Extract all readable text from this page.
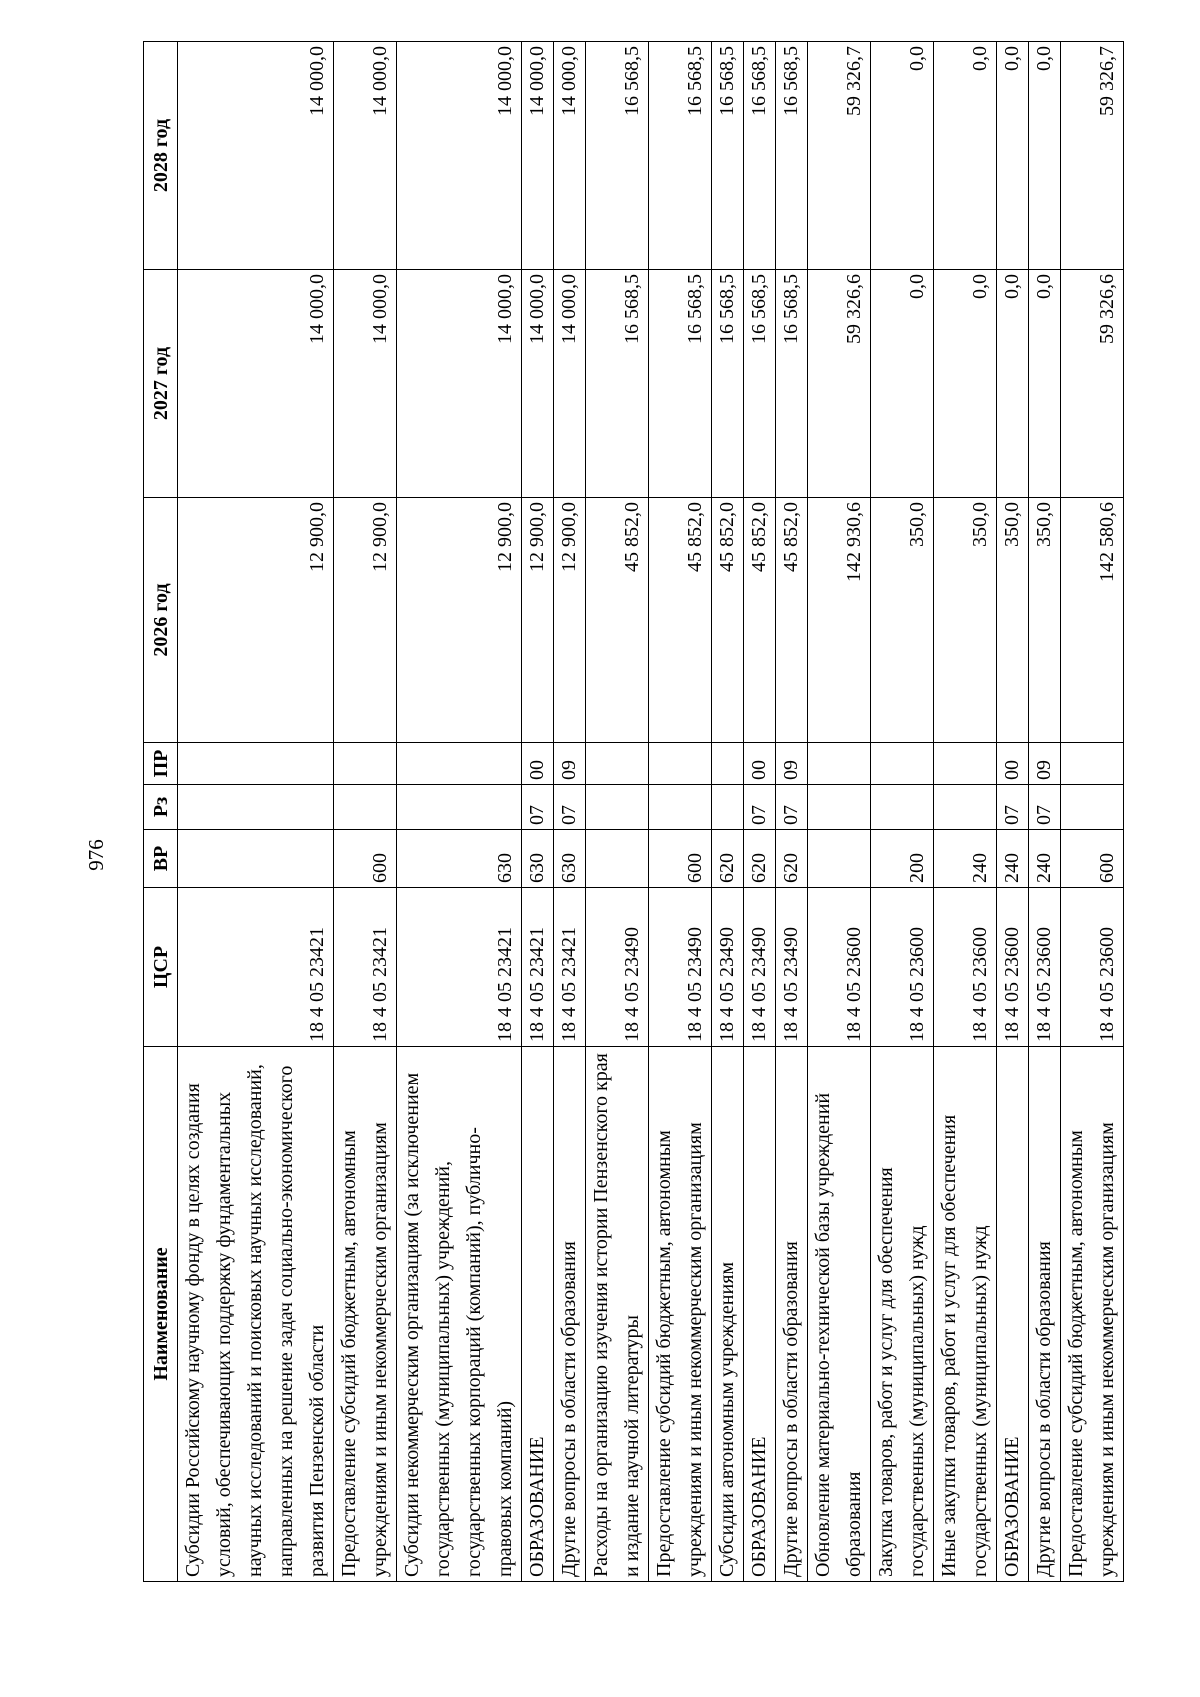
976
Наименование	ЦСР	ВР	Рз	ПР	2026 год	2027 год	2028 год
Субсидии Российскому научному фонду в целях создания условий, обеспечивающих поддержку фундаментальных научных исследований и поисковых научных исследований, направленных на решение задач социально-экономического развития Пензенской области	18 4 05 23421				12 900,0	14 000,0	14 000,0
Предоставление субсидий бюджетным, автономным учреждениям и иным некоммерческим организациям	18 4 05 23421	600			12 900,0	14 000,0	14 000,0
Субсидии некоммерческим организациям (за исключением государственных (муниципальных) учреждений, государственных корпораций (компаний), публично-правовых компаний)	18 4 05 23421	630			12 900,0	14 000,0	14 000,0
ОБРАЗОВАНИЕ	18 4 05 23421	630	07	00	12 900,0	14 000,0	14 000,0
Другие вопросы в области образования	18 4 05 23421	630	07	09	12 900,0	14 000,0	14 000,0
Расходы на организацию изучения истории Пензенского края и издание научной литературы	18 4 05 23490				45 852,0	16 568,5	16 568,5
Предоставление субсидий бюджетным, автономным учреждениям и иным некоммерческим организациям	18 4 05 23490	600			45 852,0	16 568,5	16 568,5
Субсидии автономным учреждениям	18 4 05 23490	620			45 852,0	16 568,5	16 568,5
ОБРАЗОВАНИЕ	18 4 05 23490	620	07	00	45 852,0	16 568,5	16 568,5
Другие вопросы в области образования	18 4 05 23490	620	07	09	45 852,0	16 568,5	16 568,5
Обновление материально-технической базы учреждений образования	18 4 05 23600				142 930,6	59 326,6	59 326,7
Закупка товаров, работ и услуг для обеспечения государственных (муниципальных) нужд	18 4 05 23600	200			350,0	0,0	0,0
Иные закупки товаров, работ и услуг для обеспечения государственных (муниципальных) нужд	18 4 05 23600	240			350,0	0,0	0,0
ОБРАЗОВАНИЕ	18 4 05 23600	240	07	00	350,0	0,0	0,0
Другие вопросы в области образования	18 4 05 23600	240	07	09	350,0	0,0	0,0
Предоставление субсидий бюджетным, автономным учреждениям и иным некоммерческим организациям	18 4 05 23600	600			142 580,6	59 326,6	59 326,7
